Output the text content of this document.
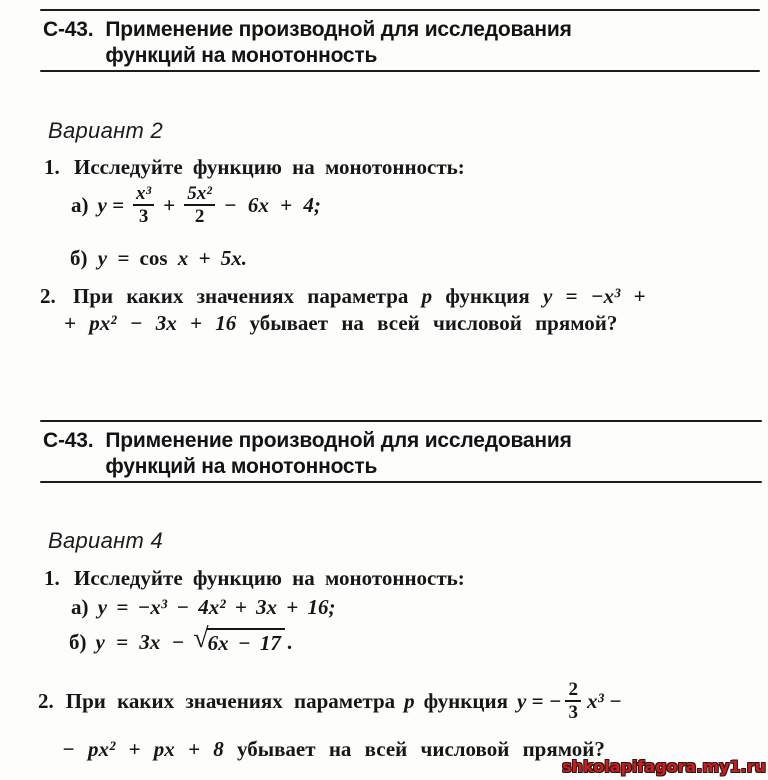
С-43. Применение производной для исследования
функций на монотонность
Вариант 2
1. Исследуйте функцию на монотонность:
а) $y = \frac{\text{x³}}{3} + \frac{\text{5x²}}{2} - 6x + 4$;
б) y = cos x + 5x.
2. При каких значениях параметра p функция y = −x³ +
+ px² − 3x + 16 убывает на всей числовой прямой?
С-43. Применение производной для исследования
функций на монотонность
Вариант 4
1. Исследуйте функцию на монотонность:
а) y = −x³ − 4x² + 3x + 16;
б) y = 3x − √ 6x − 17 .
2. При каких значениях параметра p функция y = − $\frac{2}{3} x^3$ −
− px² + px + 8 убывает на всей числовой прямой?
shkolapifagora.my1.ru
